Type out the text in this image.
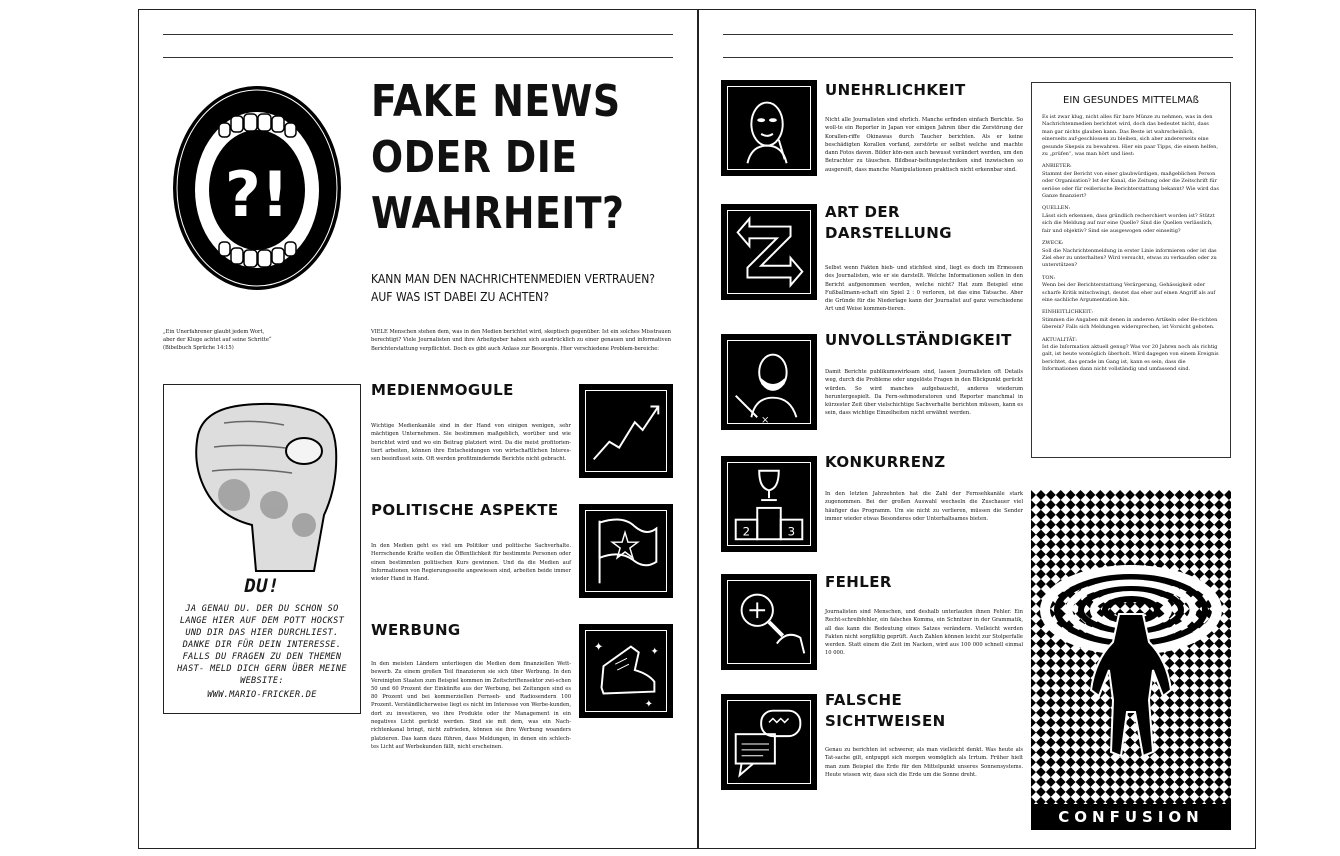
?!
FAKE NEWS
ODER DIE
WAHRHEIT?
KANN MAN DEN NACHRICHTENMEDIEN VERTRAUEN?
AUF WAS IST DABEI ZU ACHTEN?
„Ein Unerfahrener glaubt jedem Wort,
aber der Kluge achtet auf seine Schritte“
(Bibelbuch Sprüche 14:15)
VIELE Menschen stehen dem, was in den Medien berichtet wird, skeptisch gegenüber. Ist ein solches Misstrauen berechtigt? Viele Journalisten und ihre Arbeitgeber haben sich ausdrücklich zu einer genauen und informativen Berichterstattung verpflichtet. Doch es gibt auch Anlass zur Besorgnis. Hier verschiedene Problem-bereiche:
DU!
JA GENAU DU. DER DU SCHON SO LANGE HIER AUF DEM POTT HOCKST UND DIR DAS HIER DURCHLIEST. DANKE DIR FÜR DEIN INTERESSE. FALLS DU FRAGEN ZU DEN THEMEN HAST- MELD DICH GERN ÜBER MEINE WEBSITE:
WWW.MARIO-FRICKER.DE
MEDIENMOGULE
Wichtige Medienkanäle sind in der Hand von einigen wenigen, sehr mächtigen Unternehmen. Sie bestimmen maßgeblich, worüber und wie berichtet wird und wo ein Beitrag platziert wird. Da die meist profitorien-tiert arbeiten, können ihre Entscheidungen von wirtschaftlichen Interes-sen beeinflusst sein. Oft werden profitmindernde Berichte nicht gebracht.
POLITISCHE ASPEKTE
In den Medien geht es viel um Politiker und politische Sachverhalte. Herrschende Kräfte wollen die Öffentlichkeit für bestimmte Personen oder einen bestimmten politischen Kurs gewinnen. Und da die Medien auf Informationen von Regierungsseite angewiesen sind, arbeiten beide immer wieder Hand in Hand.
WERBUNG
In den meisten Ländern unterliegen die Medien dem finanziellen Wett-bewerb. Zu einem großen Teil finanzieren sie sich über Werbung. In den Vereinigten Staaten zum Beispiel kommen im Zeitschriftensektor zwi-schen 50 und 60 Prozent der Einkünfte aus der Werbung, bei Zeitungen sind es 80 Prozent und bei kommerziellen Fernseh- und Radiosendern 100 Prozent. Verständlicherweise liegt es nicht im Interesse von Werbe-kunden, dort zu investieren, wo ihre Produkte oder ihr Management in ein negatives Licht gerückt werden. Sind sie mit dem, was ein Nach-richtenkanal bringt, nicht zufrieden, können sie ihre Werbung woanders platzieren. Das kann dazu führen, dass Meldungen, in denen ein schlech-tes Licht auf Werbekunden fällt, nicht erscheinen.
✦	✦
✦
UNEHRLICHKEIT
Nicht alle Journalisten sind ehrlich. Manche erfinden einfach Berichte. So woll-te ein Reporter in Japan vor einigen Jahren über die Zerstörung der Korallen-riffe Okinawas durch Taucher berichten. Als er keine beschädigten Korallen vorfand, zerstörte er selbst welche und machte dann Fotos davon. Bilder kön-nen auch bewusst verändert werden, um den Betrachter zu täuschen. Bildbear-beitungstechniken sind inzwischen so ausgereift, dass manche Manipulationen praktisch nicht erkennbar sind.
ART DER
DARSTELLUNG
Selbst wenn Fakten hieb- und stichfest sind, liegt es doch im Ermessen des Journalisten, wie er sie darstellt. Welche Informationen sollen in den Bericht aufgenommen werden, welche nicht? Hat zum Beispiel eine Fußballmann-schaft ein Spiel 2 : 0 verloren, ist das eine Tatsache. Aber die Gründe für die Niederlage kann der Journalist auf ganz verschiedene Art und Weise kommen-tieren.
×
UNVOLLSTÄNDIGKEIT
Damit Berichte publikumswirksam sind, lassen Journalisten oft Details weg, durch die Probleme oder ungelöste Fragen in den Blickpunkt gerückt würden. So wird manches aufgebauscht, anderes wiederum heruntergespielt. Da Fern-sehmoderatoren und Reporter manchmal in kürzester Zeit über vielschichtige Sachverhalte berichten müssen, kann es sein, dass wichtige Einzelheiten nicht erwähnt werden.
2	3
KONKURRENZ
In den letzten Jahrzehnten hat die Zahl der Fernsehkanäle stark zugenommen. Bei der großen Auswahl wechseln die Zuschauer viel häufiger das Programm. Um sie nicht zu verlieren, müssen die Sender immer wieder etwas Besonderes oder Unterhaltsames bieten.
FEHLER
Journalisten sind Menschen, und deshalb unterlaufen ihnen Fehler. Ein Recht-schreibfehler, ein falsches Komma, ein Schnitzer in der Grammatik, all das kann die Bedeutung eines Satzes verändern. Vielleicht werden Fakten nicht sorgfältig geprüft. Auch Zahlen können leicht zur Stolperfalle werden. Statt einem die Zeit im Nacken, wird aus 100 000 schnell einmal 10 000.
FALSCHE
SICHTWEISEN
Genau zu berichten ist schwerer, als man vielleicht denkt. Was heute als Tat-sache gilt, entpuppt sich morgen womöglich als Irrtum. Früher hielt man zum Beispiel die Erde für den Mittelpunkt unseres Sonnensystems. Heute wissen wir, dass sich die Erde um die Sonne dreht.
EIN GESUNDES MITTELMAß

Es ist zwar klug, nicht alles für bare Münze zu nehmen, was in den Nachrichtenmedien berichtet wird, doch das bedeutet nicht, dass man gar nichts glauben kann. Das Beste ist wahrscheinlich, einerseits auf-geschlossen zu bleiben, sich aber andererseits eine gesunde Skepsis zu bewahren. Hier ein paar Tipps, die einem helfen, zu „prüfen“, was man hört und liest:

ANBIETER:

Stammt der Bericht von einer glaubwürdigen, maßgeblichen Person oder Organisation? Ist der Kanal, die Zeitung oder die Zeitschrift für seriöse oder für reißerische Berichterstattung bekannt? Wie wird das Ganze finanziert?

QUELLEN:

Lässt sich erkennen, dass gründlich recherchiert worden ist? Stützt sich die Meldung auf nur eine Quelle? Sind die Quellen verlässlich, fair und objektiv? Sind sie ausgewogen oder einseitig?

ZWECK:

Soll die Nachrichtenmeldung in erster Linie informieren oder ist das Ziel eher zu unterhalten? Wird versucht, etwas zu verkaufen oder zu unterstützen?

TON:

Wenn bei der Berichterstattung Verärgerung, Gehässigkeit oder scharfe Kritik mitschwingt, deutet das eher auf einen Angriff als auf eine sachliche Argumentation hin.

EINHEITLICHKEIT:

Stimmen die Angaben mit denen in anderen Artikeln oder Be-richten überein? Falls sich Meldungen widersprechen, ist Vorsicht geboten.

AKTUALITÄT:

Ist die Information aktuell genug? Was vor 20 Jahren noch als richtig galt, ist heute womöglich überholt. Wird dagegen von einem Ereignis berichtet, das gerade im Gang ist, kann es sein, dass die Informationen dann nicht vollständig und umfassend sind.

CONFUSION
